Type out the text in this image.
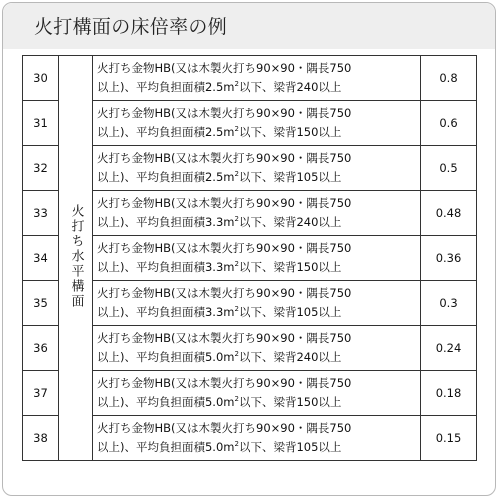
火打構面の床倍率の例
30	火打ち水平構面	火打ち金物HB(又は木製火打ち90×90・隅長750
以上)、平均負担面積$2.5m^2$以下、梁背240以上	0.8
31		火打ち金物HB(又は木製火打ち90×90・隅長750
以上)、平均負担面積$2.5m^2$以下、梁背150以上	0.6
32		火打ち金物HB(又は木製火打ち90×90・隅長750
以上)、平均負担面積$2.5m^2$以下、梁背105以上	0.5
33		火打ち金物HB(又は木製火打ち90×90・隅長750
以上)、平均負担面積$3.3m^2$以下、梁背240以上	0.48
34		火打ち金物HB(又は木製火打ち90×90・隅長750
以上)、平均負担面積$3.3m^2$以下、梁背150以上	0.36
35		火打ち金物HB(又は木製火打ち90×90・隅長750
以上)、平均負担面積$3.3m^2$以下、梁背105以上	0.3
36		火打ち金物HB(又は木製火打ち90×90・隅長750
以上)、平均負担面積$5.0m^2$以下、梁背240以上	0.24
37		火打ち金物HB(又は木製火打ち90×90・隅長750
以上)、平均負担面積$5.0m^2$以下、梁背150以上	0.18
38		火打ち金物HB(又は木製火打ち90×90・隅長750
以上)、平均負担面積$5.0m^2$以下、梁背105以上	0.15
